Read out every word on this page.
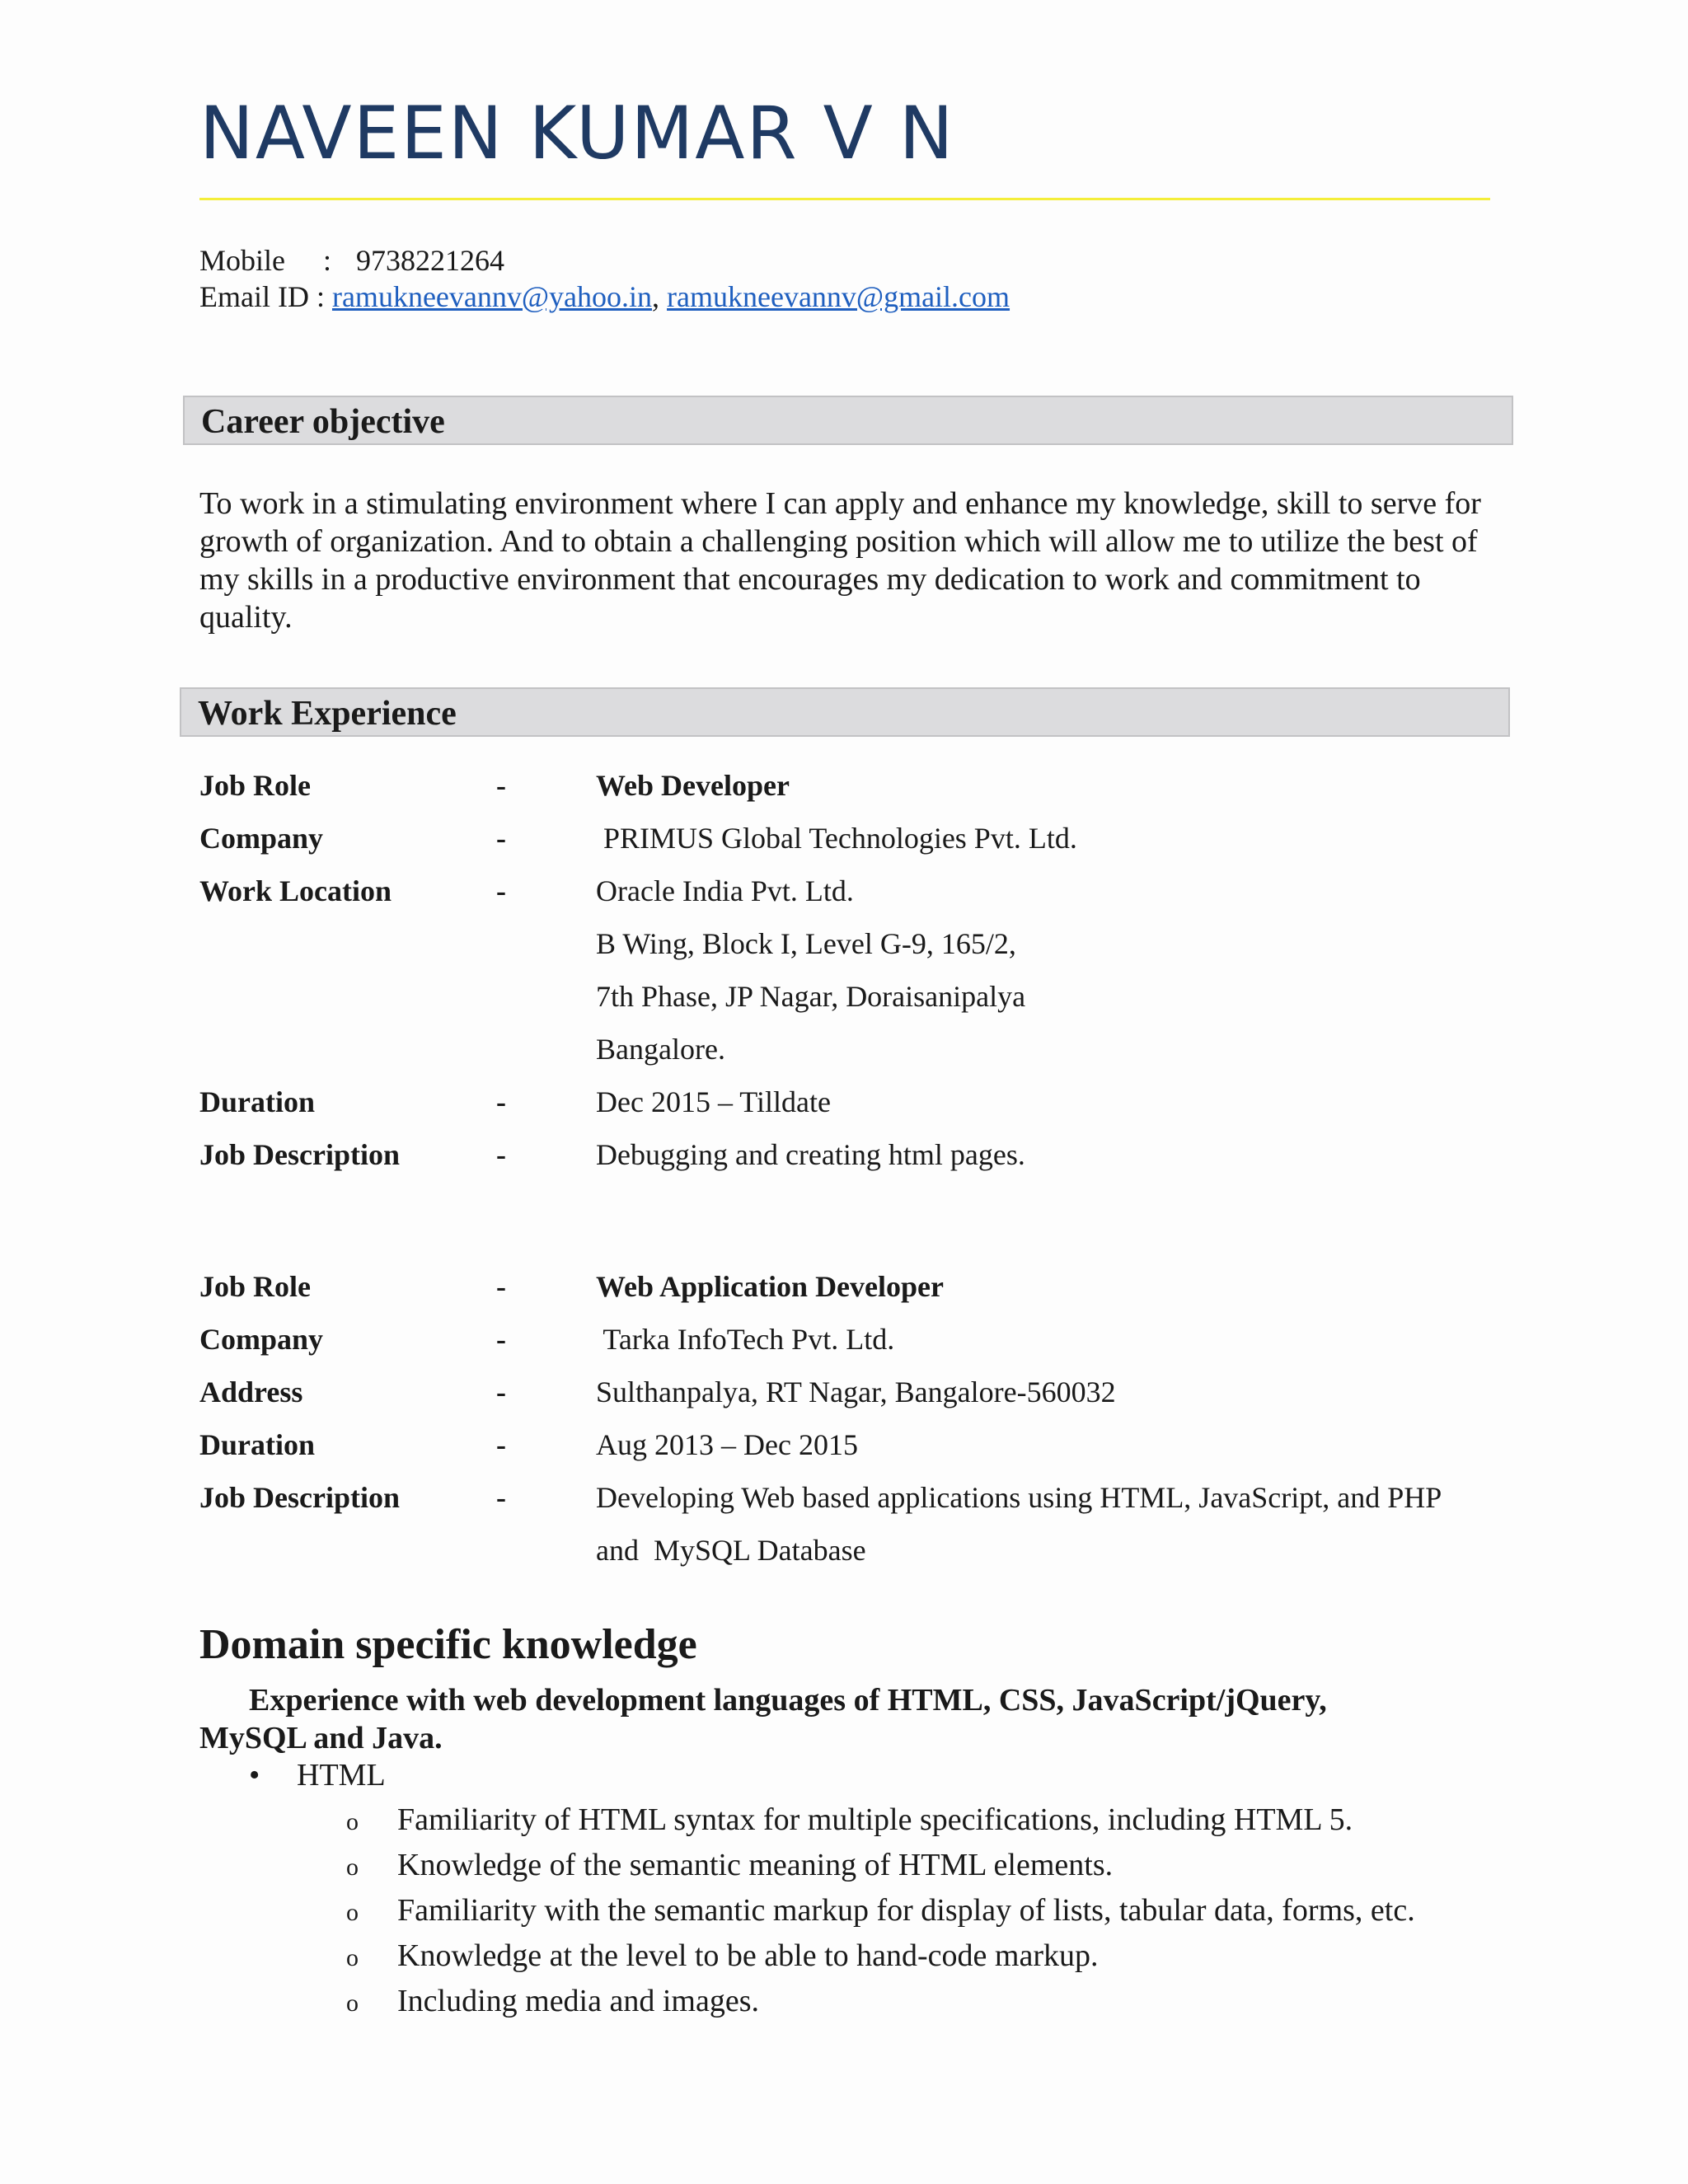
NAVEEN KUMAR V N
Mobile : 9738221264
Email ID : ramukneevannv@yahoo.in, ramukneevannv@gmail.com
Career objective

To work in a stimulating environment where I can apply and enhance my knowledge, skill to serve for growth of organization. And to obtain a challenging position which will allow me to utilize the best of my skills in a productive environment that encourages my dedication to work and commitment to quality.

Work Experience
Job Role	-	Web Developer
Company	-	PRIMUS Global Technologies Pvt. Ltd.
Work Location	-	Oracle India Pvt. Ltd.
B Wing, Block I, Level G-9, 165/2,
7th Phase, JP Nagar, Doraisanipalya
Bangalore.
Duration	-	Dec 2015 – Tilldate
Job Description	-	Debugging and creating html pages.
Job Role	-	Web Application Developer
Company	-	Tarka InfoTech Pvt. Ltd.
Address	-	Sulthanpalya, RT Nagar, Bangalore-560032
Duration	-	Aug 2013 – Dec 2015
Job Description	-	Developing Web based applications using HTML, JavaScript, and PHP
and  MySQL Database
Domain specific knowledge

Experience with web development languages of HTML, CSS, JavaScript/jQuery, MySQL and Java.

• HTML
o Familiarity of HTML syntax for multiple specifications, including HTML 5.
o Knowledge of the semantic meaning of HTML elements.
o Familiarity with the semantic markup for display of lists, tabular data, forms, etc.
o Knowledge at the level to be able to hand-code markup.
o Including media and images.
